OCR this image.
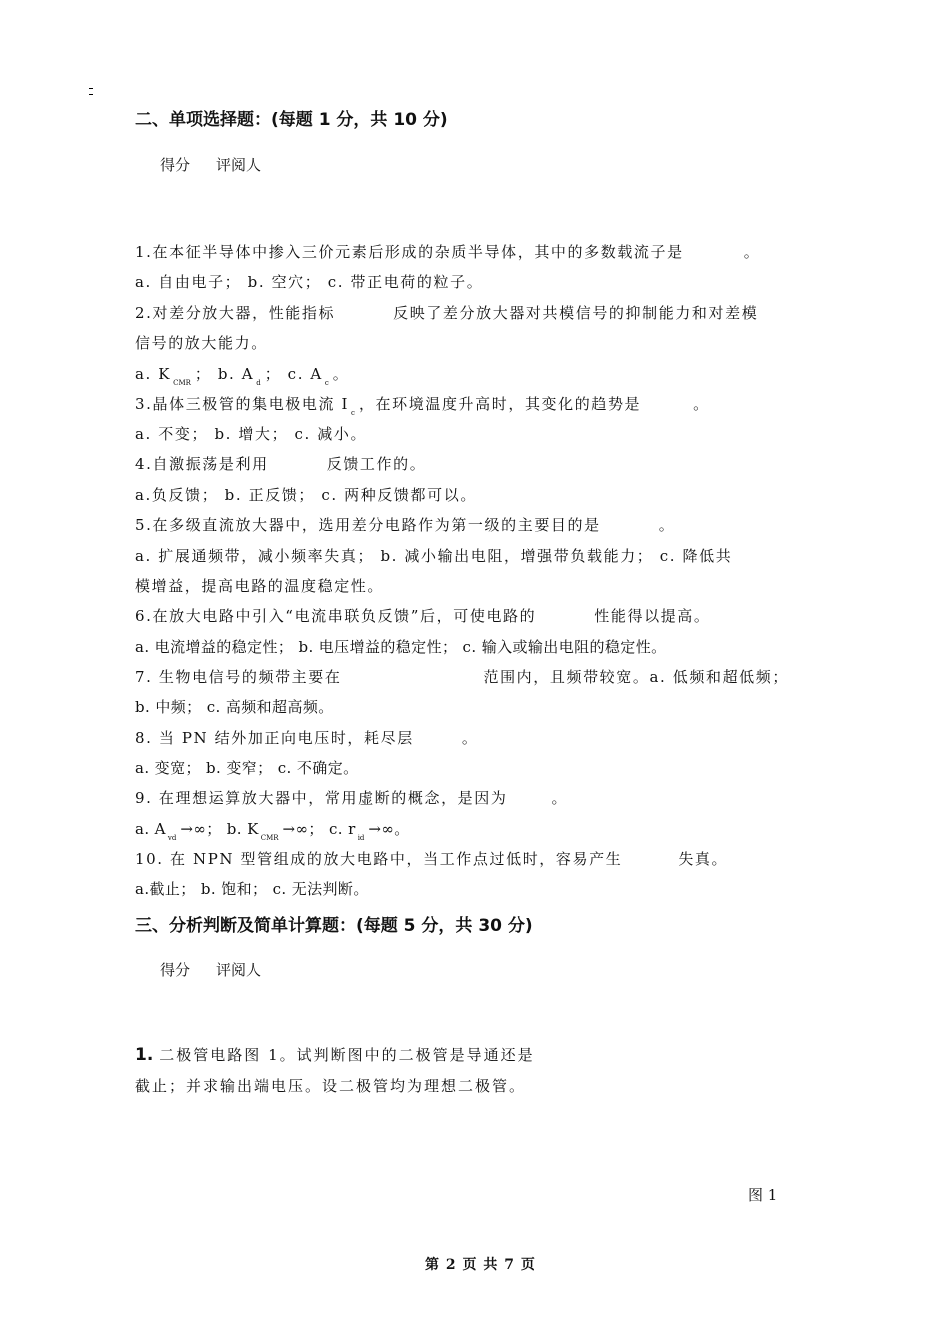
二、单项选择题：(每题 1 分，共 10 分)
得分 评阅人
1.在本征半导体中掺入三价元素后形成的杂质半导体，其中的多数载流子是	。
a. 自由电子； b. 空穴； c. 带正电荷的粒子。
2.对差分放大器，性能指标	反映了差分放大器对共模信号的抑制能力和对差模
信号的放大能力。
a. K $_{CMR}$ ； b. A $_d$ ； c. A $_c$ 。
3.晶体三极管的集电极电流 I $_c$ ，在环境温度升高时，其变化的趋势是	。
a. 不变； b. 增大； c. 减小。
4.自激振荡是利用	反馈工作的。
a.负反馈； b. 正反馈； c. 两种反馈都可以。
5.在多级直流放大器中，选用差分电路作为第一级的主要目的是	。
a. 扩展通频带，减小频率失真； b. 减小输出电阻，增强带负载能力； c. 降低共
模增益，提高电路的温度稳定性。
6.在放大电路中引入“电流串联负反馈”后，可使电路的	性能得以提高。
a. 电流增益的稳定性； b. 电压增益的稳定性； c. 输入或输出电阻的稳定性。
7. 生物电信号的频带主要在	范围内，且频带较宽。a. 低频和超低频；
b. 中频； c. 高频和超高频。
8. 当 PN 结外加正向电压时，耗尽层	。
a. 变宽； b. 变窄； c. 不确定。
9. 在理想运算放大器中，常用虚断的概念，是因为	。
a. A $_{vd}$ →∞； b. K $_{CMR}$ →∞； c. r $_{id}$ →∞。
10. 在 NPN 型管组成的放大电路中，当工作点过低时，容易产生	失真。
a.截止； b. 饱和； c. 无法判断。
三、分析判断及简单计算题：(每题 5 分，共 30 分)
得分 评阅人
1. 二极管电路图 1。试判断图中的二极管是导通还是
截止；并求输出端电压。设二极管均为理想二极管。
图 1
第 2 页 共 7 页
